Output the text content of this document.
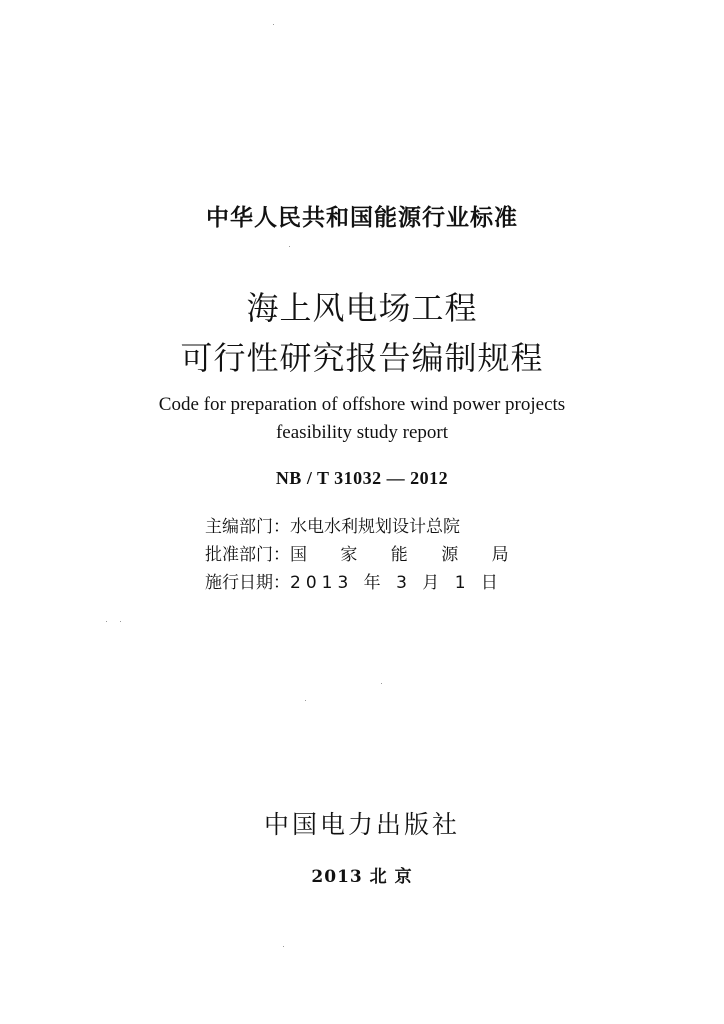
中华人民共和国能源行业标准
海上风电场工程
可行性研究报告编制规程
Code for preparation of offshore wind power projects
feasibility study report
NB / T 31032 — 2012
主编部门：水电水利规划设计总院
批准部门：国 家 能 源 局
施行日期：2013 年 3 月 1 日
中国电力出版社
2013 北 京
